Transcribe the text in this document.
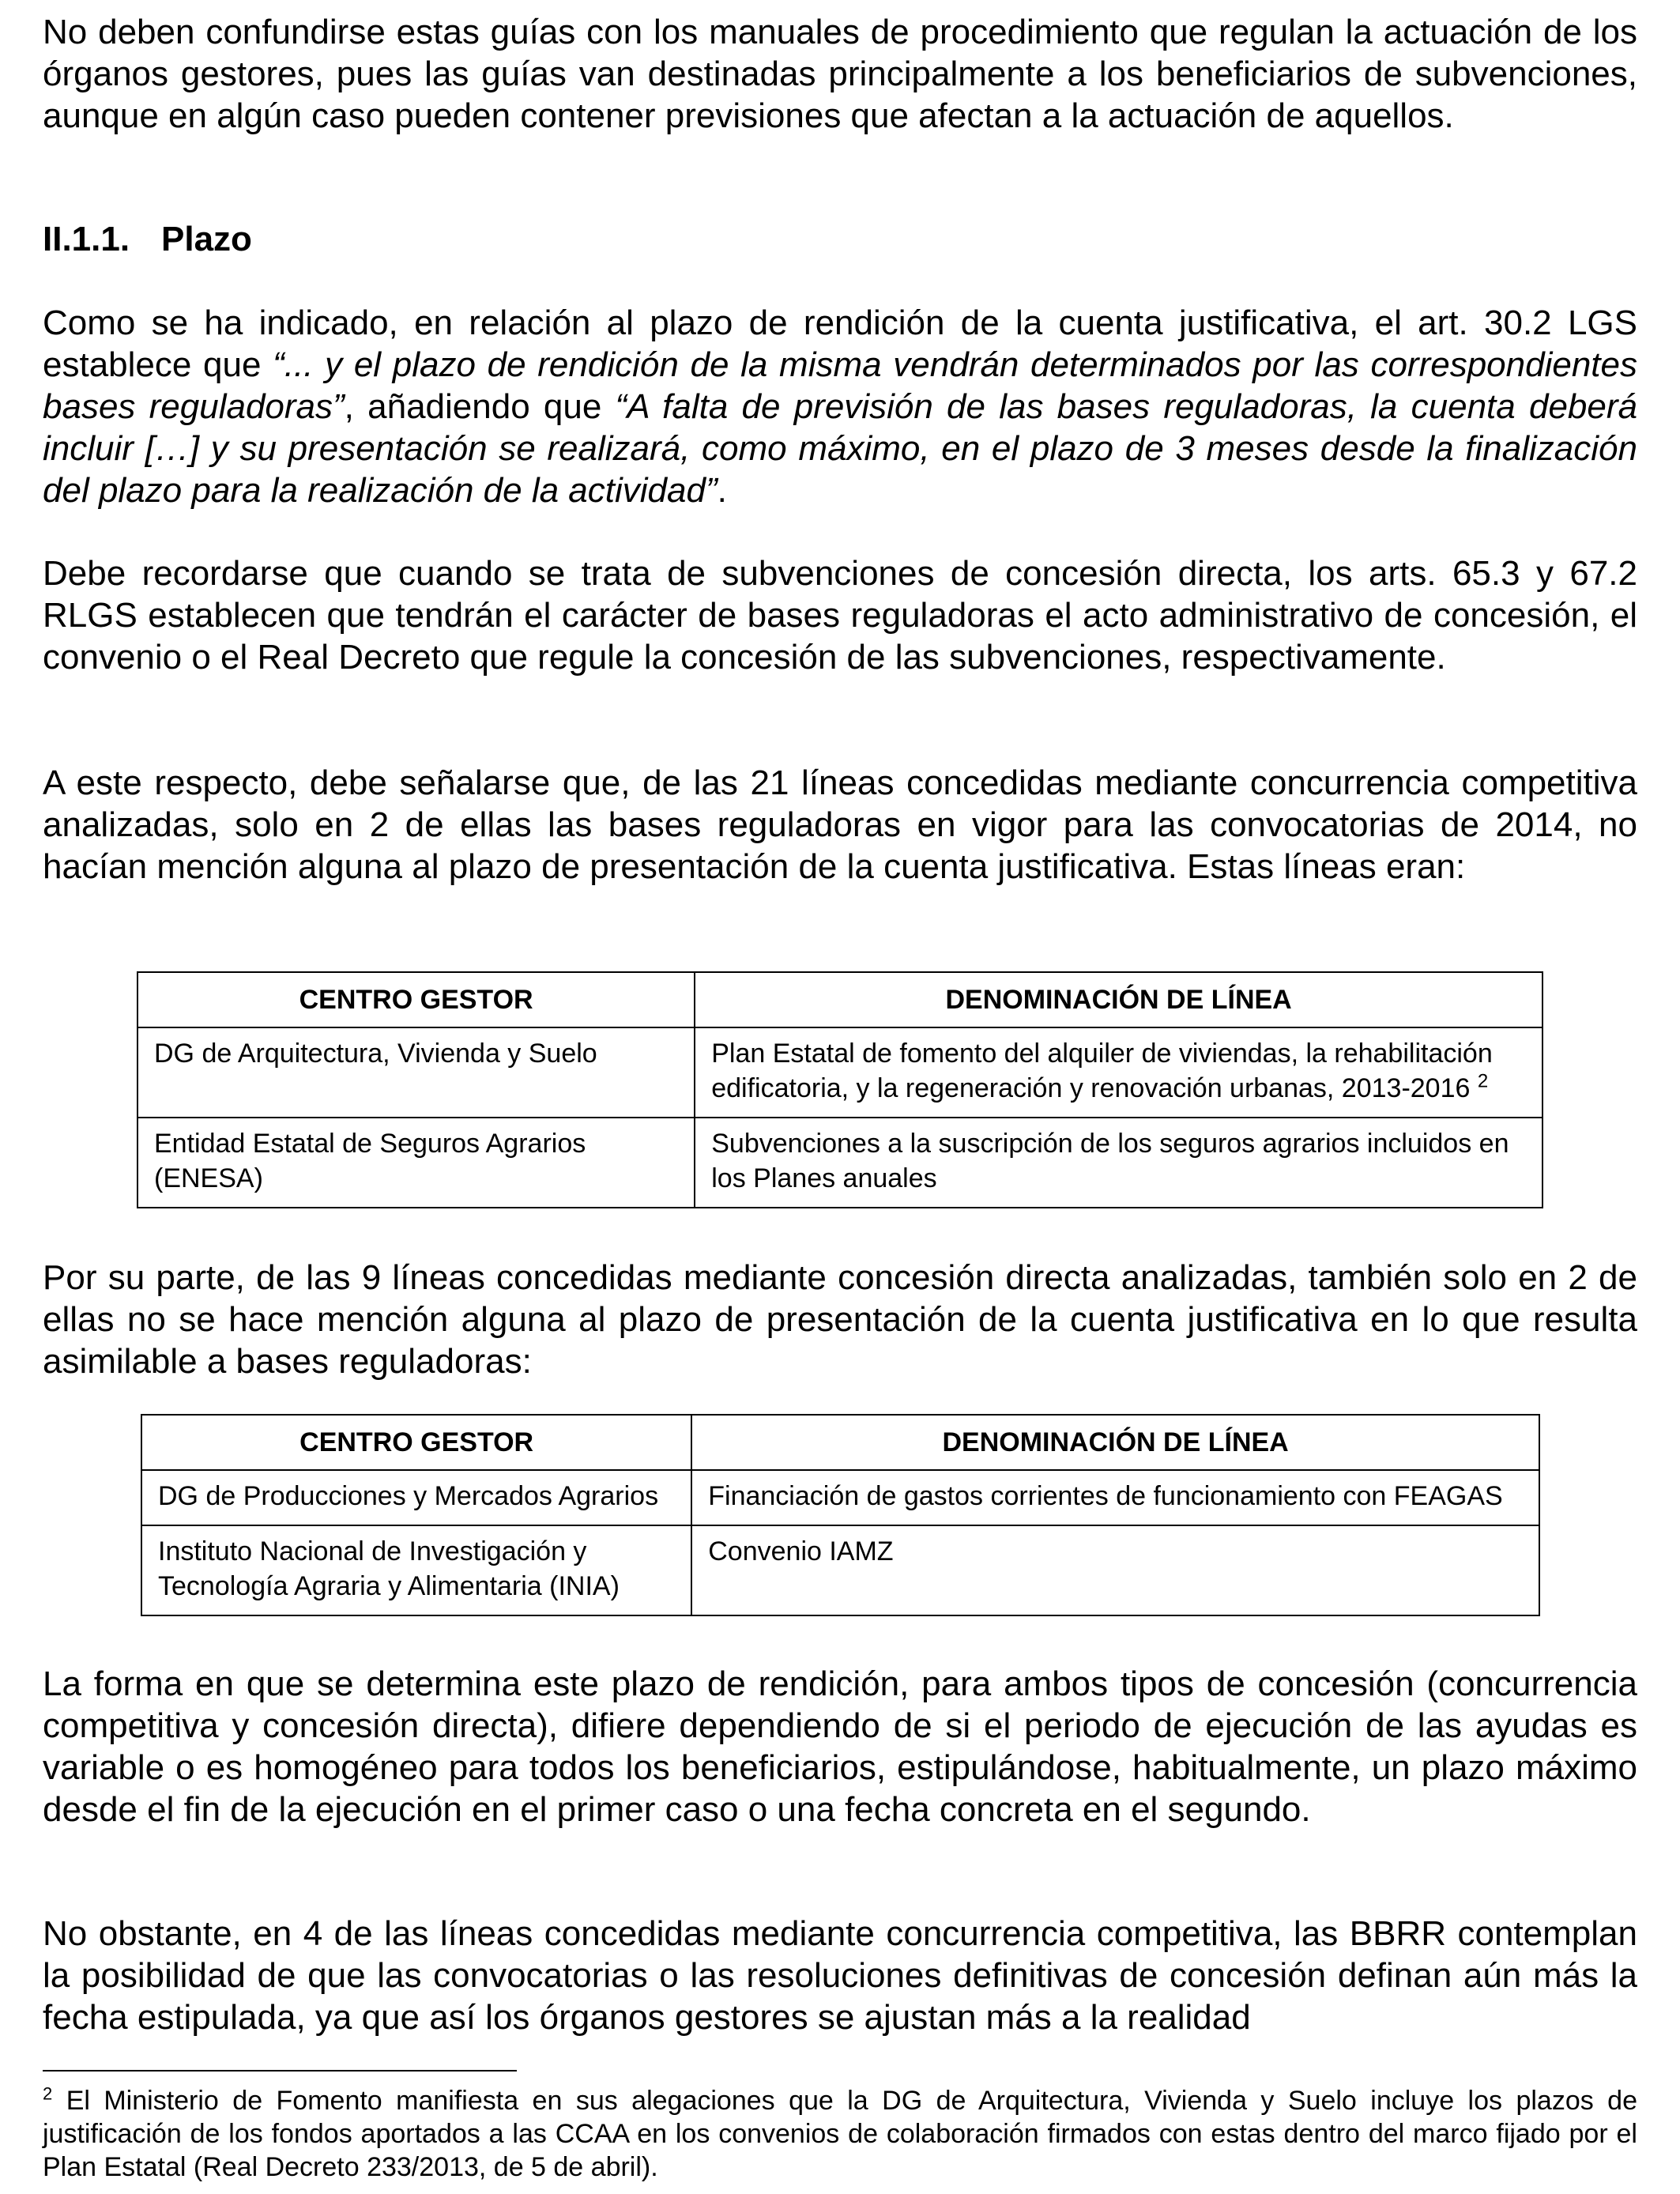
No deben confundirse estas guías con los manuales de procedimiento que regulan la actuación de los órganos gestores, pues las guías van destinadas principalmente a los beneficiarios de subvenciones, aunque en algún caso pueden contener previsiones que afectan a la actuación de aquellos.

II.1.1. Plazo

Como se ha indicado, en relación al plazo de rendición de la cuenta justificativa, el art. 30.2 LGS establece que “... y el plazo de rendición de la misma vendrán determinados por las correspondientes bases reguladoras”, añadiendo que “A falta de previsión de las bases reguladoras, la cuenta deberá incluir […] y su presentación se realizará, como máximo, en el plazo de 3 meses desde la finalización del plazo para la realización de la actividad”.

Debe recordarse que cuando se trata de subvenciones de concesión directa, los arts. 65.3 y 67.2 RLGS establecen que tendrán el carácter de bases reguladoras el acto administrativo de concesión, el convenio o el Real Decreto que regule la concesión de las subvenciones, respectivamente.

A este respecto, debe señalarse que, de las 21 líneas concedidas mediante concurrencia competitiva analizadas, solo en 2 de ellas las bases reguladoras en vigor para las convocatorias de 2014, no hacían mención alguna al plazo de presentación de la cuenta justificativa. Estas líneas eran:

Por su parte, de las 9 líneas concedidas mediante concesión directa analizadas, también solo en 2 de ellas no se hace mención alguna al plazo de presentación de la cuenta justificativa en lo que resulta asimilable a bases reguladoras:

La forma en que se determina este plazo de rendición, para ambos tipos de concesión (concurrencia competitiva y concesión directa), difiere dependiendo de si el periodo de ejecución de las ayudas es variable o es homogéneo para todos los beneficiarios, estipulándose, habitualmente, un plazo máximo desde el fin de la ejecución en el primer caso o una fecha concreta en el segundo.

No obstante, en 4 de las líneas concedidas mediante concurrencia competitiva, las BBRR contemplan la posibilidad de que las convocatorias o las resoluciones definitivas de concesión definan aún más la fecha estipulada, ya que así los órganos gestores se ajustan más a la realidad

CENTRO GESTOR	DENOMINACIÓN DE LÍNEA
DG de Arquitectura, Vivienda y Suelo	Plan Estatal de fomento del alquiler de viviendas, la rehabilitación edificatoria, y la regeneración y renovación urbanas, 2013-2016 $^2$
Entidad Estatal de Seguros Agrarios (ENESA)	Subvenciones a la suscripción de los seguros agrarios incluidos en los Planes anuales
CENTRO GESTOR	DENOMINACIÓN DE LÍNEA
DG de Producciones y Mercados Agrarios	Financiación de gastos corrientes de funcionamiento con FEAGAS
Instituto Nacional de Investigación y Tecnología Agraria y Alimentaria (INIA)	Convenio IAMZ

$^2$ El Ministerio de Fomento manifiesta en sus alegaciones que la DG de Arquitectura, Vivienda y Suelo incluye los plazos de justificación de los fondos aportados a las CCAA en los convenios de colaboración firmados con estas dentro del marco fijado por el Plan Estatal (Real Decreto 233/2013, de 5 de abril).
